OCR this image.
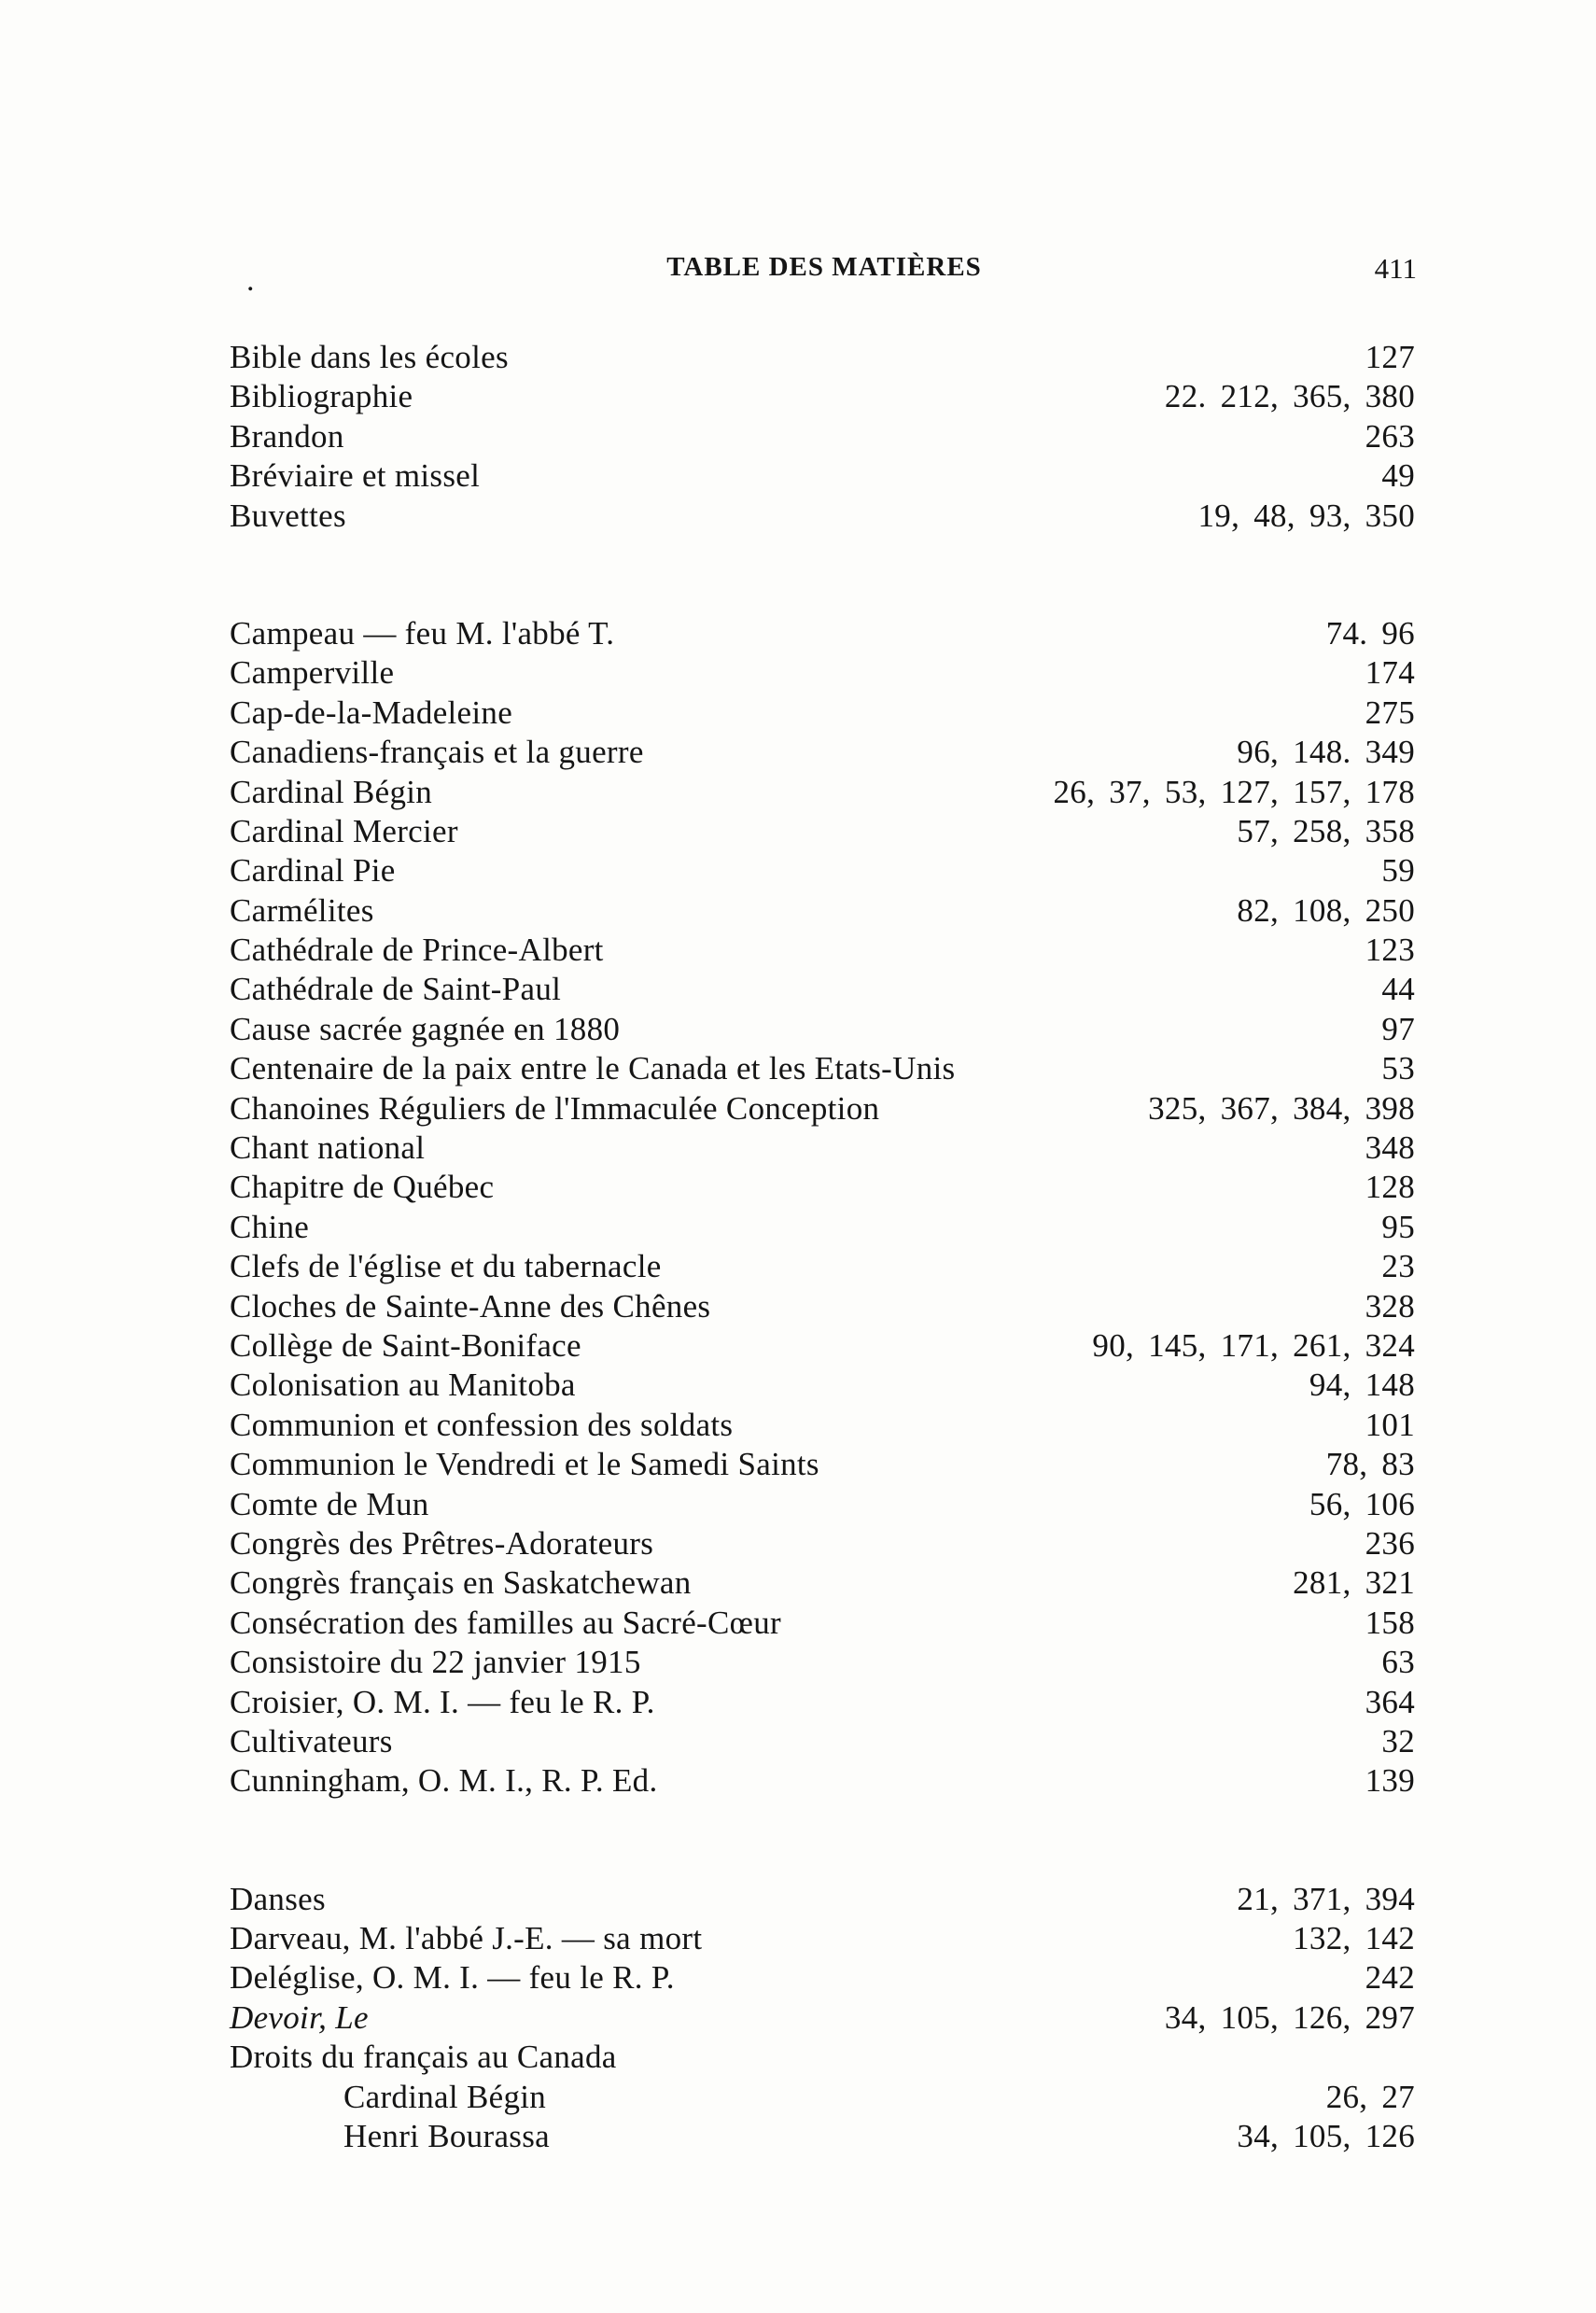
.	TABLE DES MATIÈRES	411
Bible dans les écoles	127
Bibliographie	22. 212, 365, 380
Brandon	263
Bréviaire et missel	49
Buvettes	19, 48, 93, 350
Campeau — feu M. l'abbé T.	74. 96
Camperville	174
Cap-de-la-Madeleine	275
Canadiens-français et la guerre	96, 148. 349
Cardinal Bégin	26, 37, 53, 127, 157, 178
Cardinal Mercier	57, 258, 358
Cardinal Pie	59
Carmélites	82, 108, 250
Cathédrale de Prince-Albert	123
Cathédrale de Saint-Paul	44
Cause sacrée gagnée en 1880	97
Centenaire de la paix entre le Canada et les Etats-Unis	53
Chanoines Réguliers de l'Immaculée Conception	325, 367, 384, 398
Chant national	348
Chapitre de Québec	128
Chine	95
Clefs de l'église et du tabernacle	23
Cloches de Sainte-Anne des Chênes	328
Collège de Saint-Boniface	90, 145, 171, 261, 324
Colonisation au Manitoba	94, 148
Communion et confession des soldats	101
Communion le Vendredi et le Samedi Saints	78, 83
Comte de Mun	56, 106
Congrès des Prêtres-Adorateurs	236
Congrès français en Saskatchewan	281, 321
Consécration des familles au Sacré-Cœur	158
Consistoire du 22 janvier 1915	63
Croisier, O. M. I. — feu le R. P.	364
Cultivateurs	32
Cunningham, O. M. I., R. P. Ed.	139
Danses	21, 371, 394
Darveau, M. l'abbé J.-E. — sa mort	132, 142
Deléglise, O. M. I. — feu le R. P.	242
Devoir, Le	34, 105, 126, 297
Droits du français au Canada
Cardinal Bégin	26, 27
Henri Bourassa	34, 105, 126
